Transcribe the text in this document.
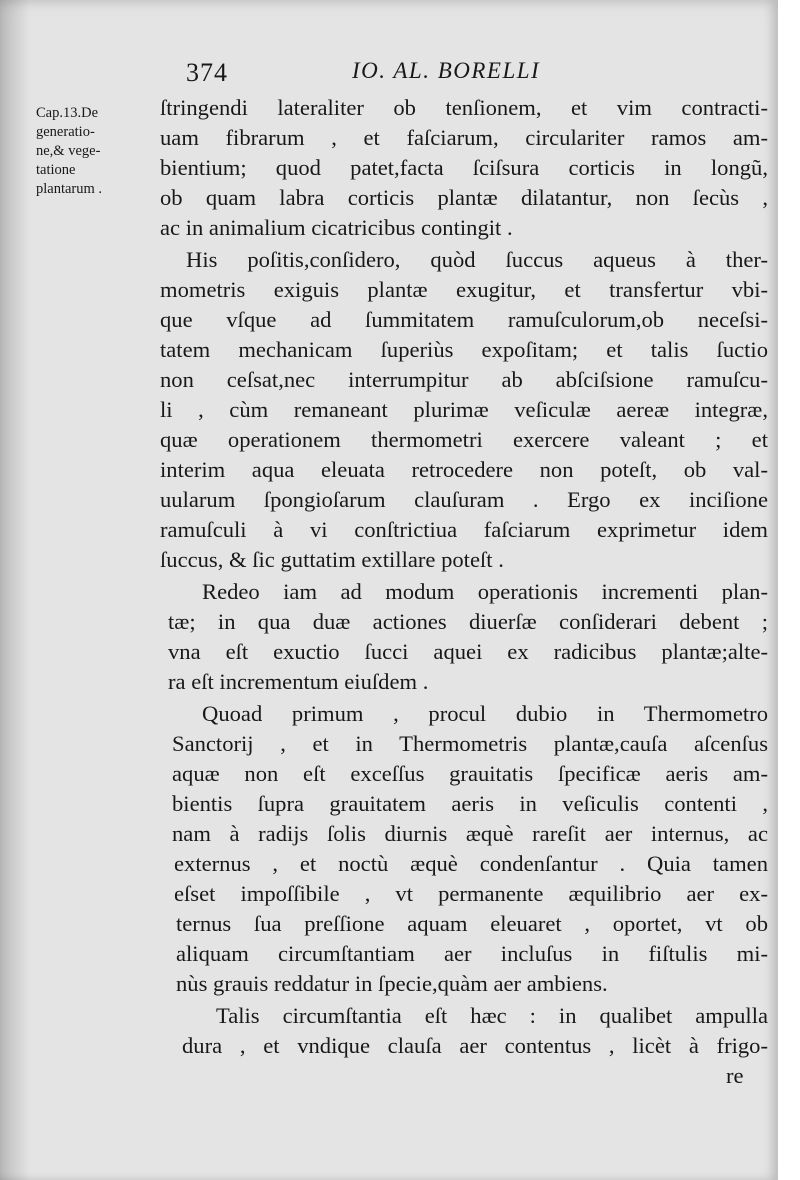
374	IO. AL. BORELLI
Cap.13.De
generatio-
ne,& vege-
tatione
plantarum .
ſtringendi lateraliter ob tenſionem, et vim contracti-
uam fibrarum , et faſciarum, circulariter ramos am-
bientium; quod patet,facta ſciſsura corticis in longũ,
ob quam labra corticis plantæ dilatantur, non ſecùs ,
ac in animalium cicatricibus contingit .
His poſitis,conſidero, quòd ſuccus aqueus à ther-
mometris exiguis plantæ exugitur, et transfertur vbi-
que vſque ad ſummitatem ramuſculorum,ob neceſsi-
tatem mechanicam ſuperiùs expoſitam; et talis ſuctio
non ceſsat,nec interrumpitur ab abſciſsione ramuſcu-
li , cùm remaneant plurimæ veſiculæ aereæ integræ,
quæ operationem thermometri exercere valeant ; et
interim aqua eleuata retrocedere non poteſt, ob val-
uularum ſpongioſarum clauſuram . Ergo ex inciſione
ramuſculi à vi conſtrictiua faſciarum exprimetur idem
ſuccus, & ſic guttatim extillare poteſt .
Redeo iam ad modum operationis incrementi plan-
tæ; in qua duæ actiones diuerſæ conſiderari debent ;
vna eſt exuctio ſucci aquei ex radicibus plantæ;alte-
ra eſt incrementum eiuſdem .
Quoad primum , procul dubio in Thermometro
Sanctorij , et in Thermometris plantæ,cauſa aſcenſus
aquæ non eſt exceſſus grauitatis ſpecificæ aeris am-
bientis ſupra grauitatem aeris in veſiculis contenti ,
nam à radijs ſolis diurnis æquè rareſit aer internus, ac
externus , et noctù æquè condenſantur . Quia tamen
eſset impoſſibile , vt permanente æquilibrio aer ex-
ternus ſua preſſione aquam eleuaret , oportet, vt ob
aliquam circumſtantiam aer incluſus in fiſtulis mi-
nùs grauis reddatur in ſpecie,quàm aer ambiens.
Talis circumſtantia eſt hæc : in qualibet ampulla
dura , et vndique clauſa aer contentus , licèt à frigo-
re
